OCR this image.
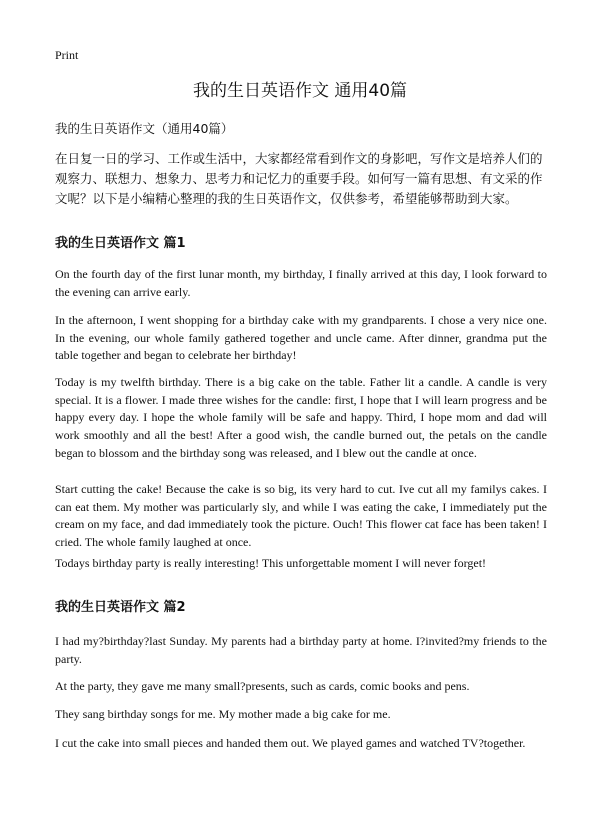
Print
我的生日英语作文 通用40篇

我的生日英语作文（通用40篇）

在日复一日的学习、工作或生活中，大家都经常看到作文的身影吧，写作文是培养人们的观察力、联想力、想象力、思考力和记忆力的重要手段。如何写一篇有思想、有文采的作文呢？以下是小编精心整理的我的生日英语作文，仅供参考，希望能够帮助到大家。

我的生日英语作文 篇1

On the fourth day of the first lunar month, my birthday, I finally arrived at this day, I look forward to the evening can arrive early.

In the afternoon, I went shopping for a birthday cake with my grandparents. I chose a very nice one. In the evening, our whole family gathered together and uncle came. After dinner, grandma put the table together and began to celebrate her birthday!

Today is my twelfth birthday. There is a big cake on the table. Father lit a candle. A candle is very special. It is a flower. I made three wishes for the candle: first, I hope that I will learn progress and be happy every day. I hope the whole family will be safe and happy. Third, I hope mom and dad will work smoothly and all the best! After a good wish, the candle burned out, the petals on the candle began to blossom and the birthday song was released, and I blew out the candle at once.

Start cutting the cake! Because the cake is so big, its very hard to cut. Ive cut all my familys cakes. I can eat them. My mother was particularly sly, and while I was eating the cake, I immediately put the cream on my face, and dad immediately took the picture. Ouch! This flower cat face has been taken! I cried. The whole family laughed at once.

Todays birthday party is really interesting! This unforgettable moment I will never forget!

我的生日英语作文 篇2

I had my?birthday?last Sunday. My parents had a birthday party at home. I?invited?my friends to the party.

At the party, they gave me many small?presents, such as cards, comic books and pens.

They sang birthday songs for me. My mother made a big cake for me.

I cut the cake into small pieces and handed them out. We played games and watched TV?together.
